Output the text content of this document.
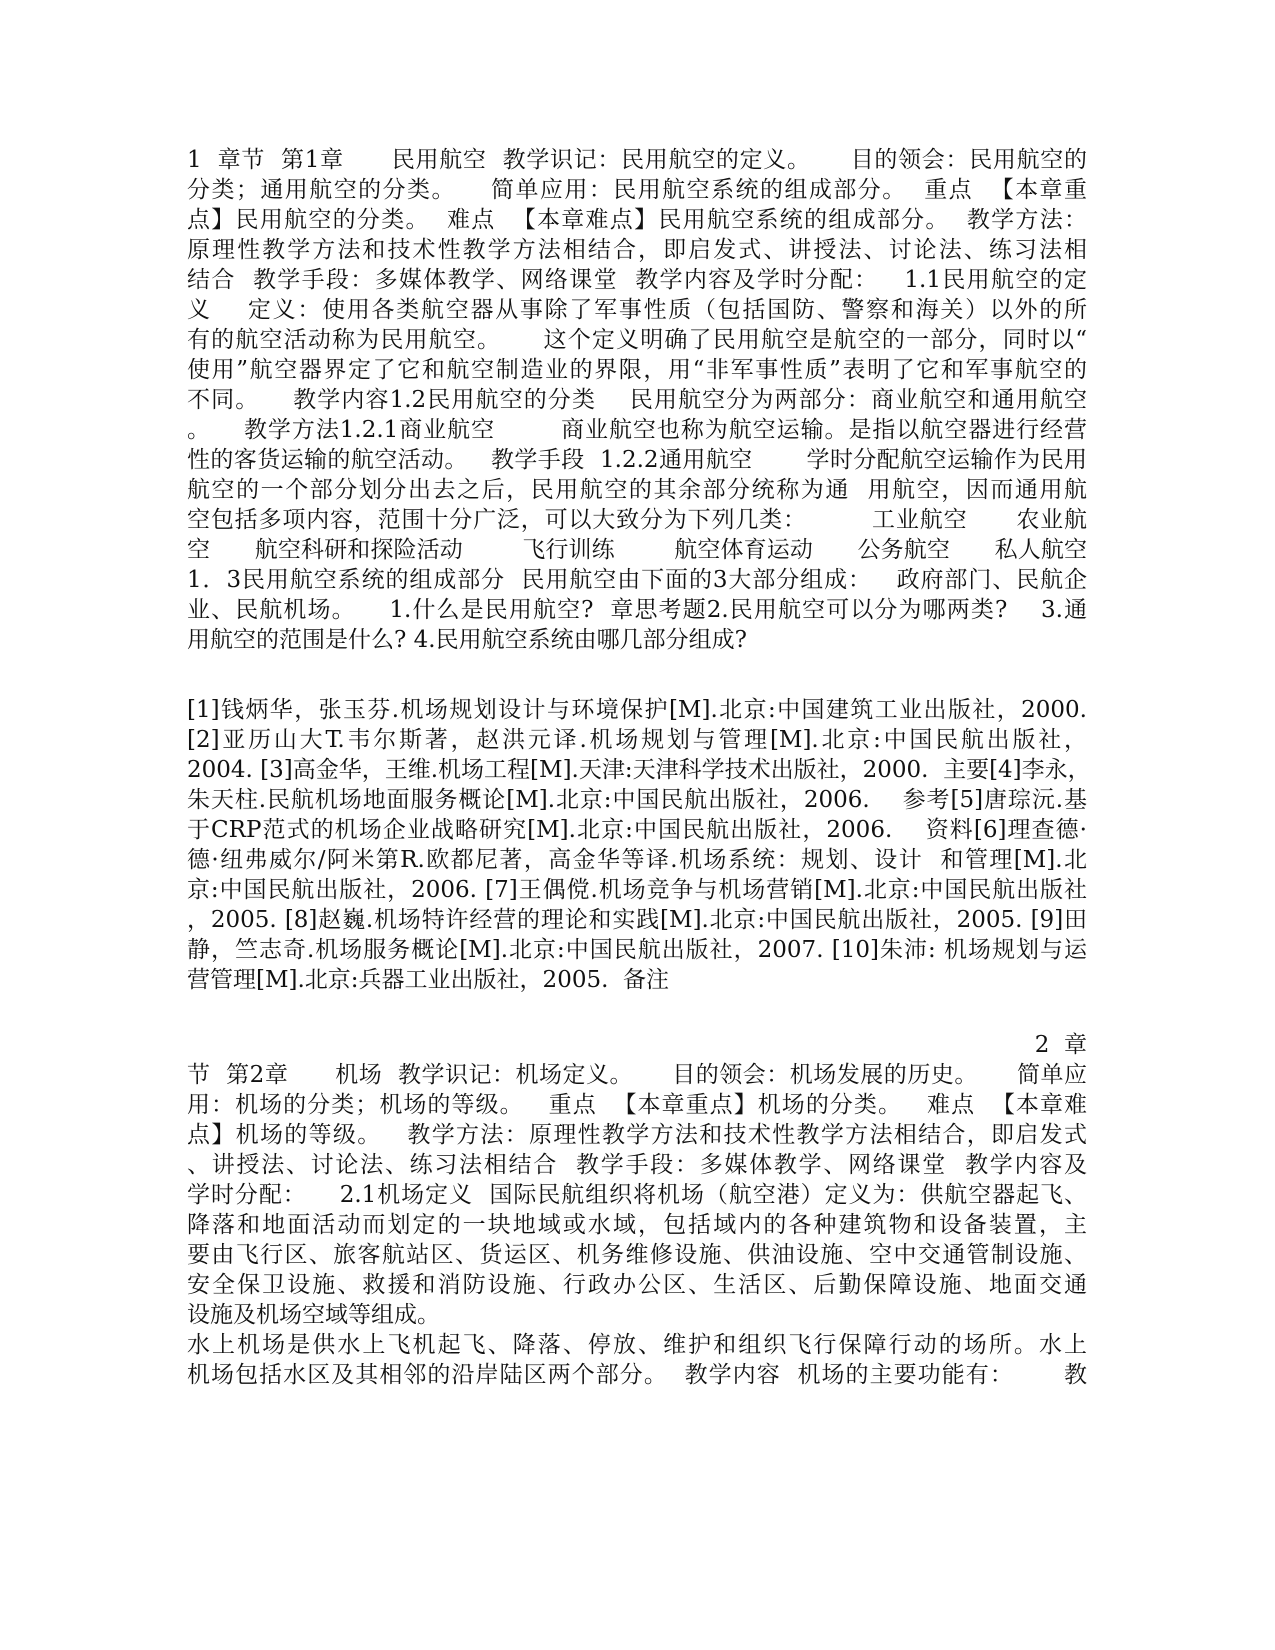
1  章节  第1章      民用航空  教学识记：民用航空的定义。     目的领会：民用航空的
分类；通用航空的分类。    简单应用：民用航空系统的组成部分。  重点  【本章重
点】民用航空的分类。  难点  【本章难点】民用航空系统的组成部分。  教学方法：
原理性教学方法和技术性教学方法相结合，即启发式、讲授法、讨论法、练习法相
结合  教学手段：多媒体教学、网络课堂  教学内容及学时分配：   1.1民用航空的定
义    定义：使用各类航空器从事除了军事性质（包括国防、警察和海关）以外的所
有的航空活动称为民用航空。     这个定义明确了民用航空是航空的一部分，同时以“
使用”航空器界定了它和航空制造业的界限，用“非军事性质”表明了它和军事航空的
不同。    教学内容1.2民用航空的分类    民用航空分为两部分：商业航空和通用航空
。    教学方法1.2.1商业航空        商业航空也称为航空运输。是指以航空器进行经营
性的客货运输的航空活动。   教学手段  1.2.2通用航空       学时分配航空运输作为民用
航空的一个部分划分出去之后，民用航空的其余部分统称为通  用航空，因而通用航
空包括多项内容，范围十分广泛，可以大致分为下列几类：        工业航空      农业航
空      航空科研和探险活动        飞行训练        航空体育运动      公务航空      私人航空
1．3民用航空系统的组成部分  民用航空由下面的3大部分组成：   政府部门、民航企
业、民航机场。    1.什么是民用航空?  章思考题2.民用航空可以分为哪两类?    3.通
用航空的范围是什么? 4.民用航空系统由哪几部分组成?
[1]钱炳华，张玉芬.机场规划设计与环境保护[M].北京:中国建筑工业出版社，2000.
[2]亚历山大T.韦尔斯著，赵洪元译.机场规划与管理[M].北京:中国民航出版社，
2004. [3]高金华，王维.机场工程[M].天津:天津科学技术出版社，2000.  主要[4]李永，
朱天柱.民航机场地面服务概论[M].北京:中国民航出版社，2006.    参考[5]唐琮沅.基
于CRP范式的机场企业战略研究[M].北京:中国民航出版社，2006.    资料[6]理查德·
德·纽弗威尔/阿米第R.欧都尼著，高金华等译.机场系统：规划、设计  和管理[M].北
京:中国民航出版社，2006. [7]王偶傥.机场竞争与机场营销[M].北京:中国民航出版社
，2005. [8]赵巍.机场特许经营的理论和实践[M].北京:中国民航出版社，2005. [9]田
静，竺志奇.机场服务概论[M].北京:中国民航出版社，2007. [10]朱沛: 机场规划与运
营管理[M].北京:兵器工业出版社，2005.  备注
2  章
节  第2章      机场  教学识记：机场定义。     目的领会：机场发展的历史。     简单应
用：机场的分类；机场的等级。   重点  【本章重点】机场的分类。   难点  【本章难
点】机场的等级。   教学方法：原理性教学方法和技术性教学方法相结合，即启发式
、讲授法、讨论法、练习法相结合  教学手段：多媒体教学、网络课堂  教学内容及
学时分配：    2.1机场定义  国际民航组织将机场（航空港）定义为：供航空器起飞、
降落和地面活动而划定的一块地域或水域，包括域内的各种建筑物和设备装置，主
要由飞行区、旅客航站区、货运区、机务维修设施、供油设施、空中交通管制设施、
安全保卫设施、救援和消防设施、行政办公区、生活区、后勤保障设施、地面交通
设施及机场空域等组成。
水上机场是供水上飞机起飞、降落、停放、维护和组织飞行保障行动的场所。水上
机场包括水区及其相邻的沿岸陆区两个部分。  教学内容  机场的主要功能有：      教
